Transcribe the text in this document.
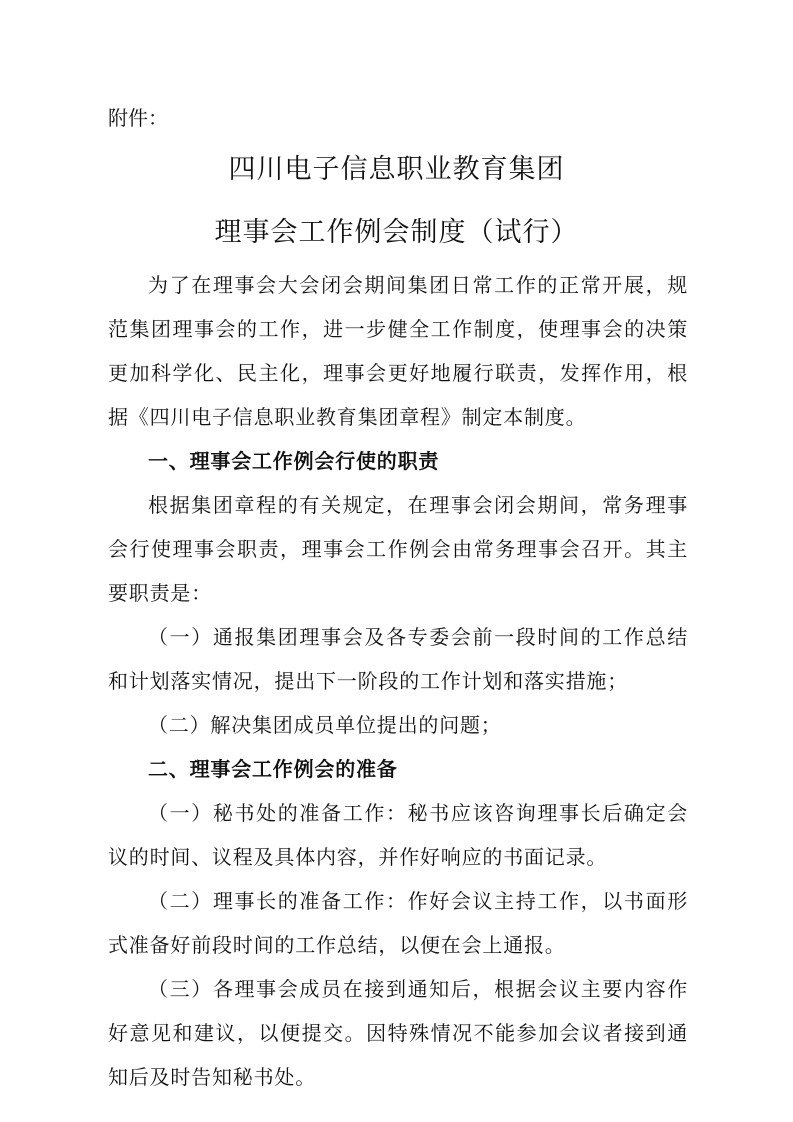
附件：
四川电子信息职业教育集团
理事会工作例会制度（试行）
为了在理事会大会闭会期间集团日常工作的正常开展，规
范集团理事会的工作，进一步健全工作制度，使理事会的决策
更加科学化、民主化，理事会更好地履行联责，发挥作用，根
据《四川电子信息职业教育集团章程》制定本制度。
一、理事会工作例会行使的职责
根据集团章程的有关规定，在理事会闭会期间，常务理事
会行使理事会职责，理事会工作例会由常务理事会召开。其主
要职责是：
（一）通报集团理事会及各专委会前一段时间的工作总结
和计划落实情况，提出下一阶段的工作计划和落实措施；
（二）解决集团成员单位提出的问题；
二、理事会工作例会的准备
（一）秘书处的准备工作：秘书应该咨询理事长后确定会
议的时间、议程及具体内容，并作好响应的书面记录。
（二）理事长的准备工作：作好会议主持工作，以书面形
式准备好前段时间的工作总结，以便在会上通报。
（三）各理事会成员在接到通知后，根据会议主要内容作
好意见和建议，以便提交。因特殊情况不能参加会议者接到通
知后及时告知秘书处。
